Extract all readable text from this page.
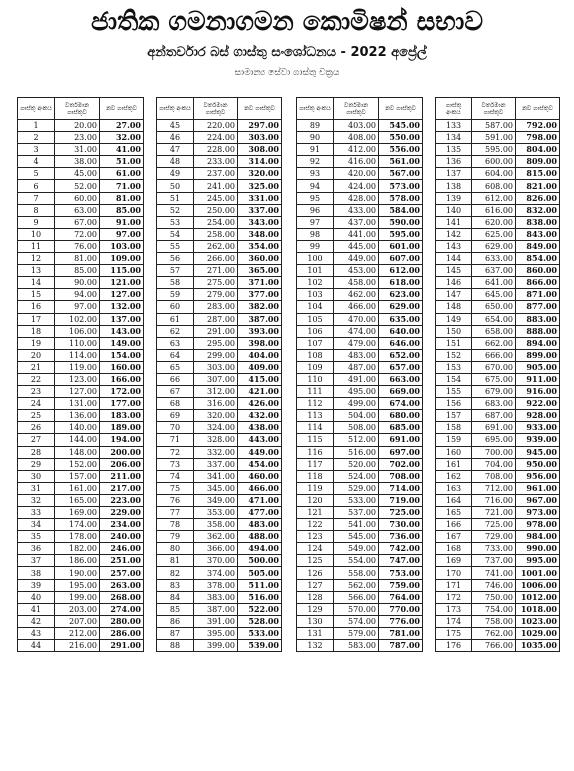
ජාතික ගමනාගමන කොමිෂන් සභාව
අන්තර්වාර බස් ගාස්තු සංශෝධනය - 2022 අප්‍රේල්
සාමාන්‍ය සේවා ගාස්තු චක්‍රය
ගාස්තු අංකය	වර්තමාන ගාස්තුව	නව ගාස්තුව
1	20.00	27.00
2	23.00	32.00
3	31.00	41.00
4	38.00	51.00
5	45.00	61.00
6	52.00	71.00
7	60.00	81.00
8	63.00	85.00
9	67.00	91.00
10	72.00	97.00
11	76.00	103.00
12	81.00	109.00
13	85.00	115.00
14	90.00	121.00
15	94.00	127.00
16	97.00	132.00
17	102.00	137.00
18	106.00	143.00
19	110.00	149.00
20	114.00	154.00
21	119.00	160.00
22	123.00	166.00
23	127.00	172.00
24	131.00	177.00
25	136.00	183.00
26	140.00	189.00
27	144.00	194.00
28	148.00	200.00
29	152.00	206.00
30	157.00	211.00
31	161.00	217.00
32	165.00	223.00
33	169.00	229.00
34	174.00	234.00
35	178.00	240.00
36	182.00	246.00
37	186.00	251.00
38	190.00	257.00
39	195.00	263.00
40	199.00	268.00
41	203.00	274.00
42	207.00	280.00
43	212.00	286.00
44	216.00	291.00
ගාස්තු අංකය	වර්තමාන ගාස්තුව	නව ගාස්තුව
45	220.00	297.00
46	224.00	303.00
47	228.00	308.00
48	233.00	314.00
49	237.00	320.00
50	241.00	325.00
51	245.00	331.00
52	250.00	337.00
53	254.00	343.00
54	258.00	348.00
55	262.00	354.00
56	266.00	360.00
57	271.00	365.00
58	275.00	371.00
59	279.00	377.00
60	283.00	382.00
61	287.00	387.00
62	291.00	393.00
63	295.00	398.00
64	299.00	404.00
65	303.00	409.00
66	307.00	415.00
67	312.00	421.00
68	316.00	426.00
69	320.00	432.00
70	324.00	438.00
71	328.00	443.00
72	332.00	449.00
73	337.00	454.00
74	341.00	460.00
75	345.00	466.00
76	349.00	471.00
77	353.00	477.00
78	358.00	483.00
79	362.00	488.00
80	366.00	494.00
81	370.00	500.00
82	374.00	505.00
83	378.00	511.00
84	383.00	516.00
85	387.00	522.00
86	391.00	528.00
87	395.00	533.00
88	399.00	539.00
ගාස්තු අංකය	වර්තමාන ගාස්තුව	නව ගාස්තුව
89	403.00	545.00
90	408.00	550.00
91	412.00	556.00
92	416.00	561.00
93	420.00	567.00
94	424.00	573.00
95	428.00	578.00
96	433.00	584.00
97	437.00	590.00
98	441.00	595.00
99	445.00	601.00
100	449.00	607.00
101	453.00	612.00
102	458.00	618.00
103	462.00	623.00
104	466.00	629.00
105	470.00	635.00
106	474.00	640.00
107	479.00	646.00
108	483.00	652.00
109	487.00	657.00
110	491.00	663.00
111	495.00	669.00
112	499.00	674.00
113	504.00	680.00
114	508.00	685.00
115	512.00	691.00
116	516.00	697.00
117	520.00	702.00
118	524.00	708.00
119	529.00	714.00
120	533.00	719.00
121	537.00	725.00
122	541.00	730.00
123	545.00	736.00
124	549.00	742.00
125	554.00	747.00
126	558.00	753.00
127	562.00	759.00
128	566.00	764.00
129	570.00	770.00
130	574.00	776.00
131	579.00	781.00
132	583.00	787.00
ගාස්තු අංකය	වර්තමාන ගාස්තුව	නව ගාස්තුව
133	587.00	792.00
134	591.00	798.00
135	595.00	804.00
136	600.00	809.00
137	604.00	815.00
138	608.00	821.00
139	612.00	826.00
140	616.00	832.00
141	620.00	838.00
142	625.00	843.00
143	629.00	849.00
144	633.00	854.00
145	637.00	860.00
146	641.00	866.00
147	645.00	871.00
148	650.00	877.00
149	654.00	883.00
150	658.00	888.00
151	662.00	894.00
152	666.00	899.00
153	670.00	905.00
154	675.00	911.00
155	679.00	916.00
156	683.00	922.00
157	687.00	928.00
158	691.00	933.00
159	695.00	939.00
160	700.00	945.00
161	704.00	950.00
162	708.00	956.00
163	712.00	961.00
164	716.00	967.00
165	721.00	973.00
166	725.00	978.00
167	729.00	984.00
168	733.00	990.00
169	737.00	995.00
170	741.00	1001.00
171	746.00	1006.00
172	750.00	1012.00
173	754.00	1018.00
174	758.00	1023.00
175	762.00	1029.00
176	766.00	1035.00
